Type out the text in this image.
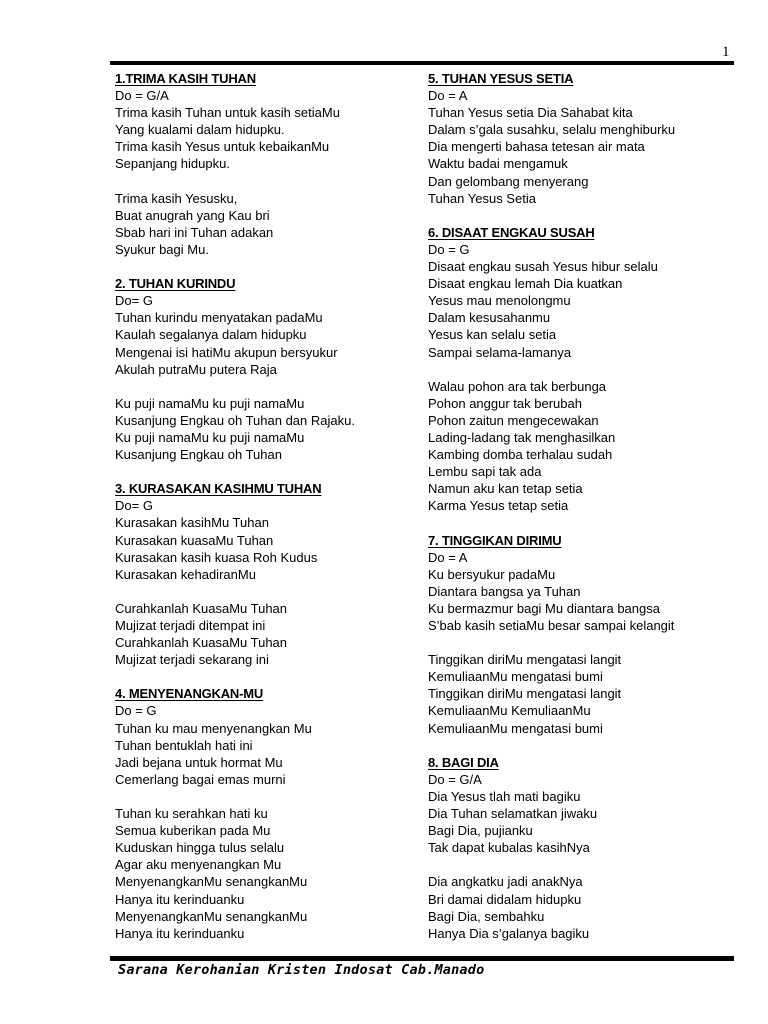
1
1.TRIMA KASIH TUHAN
Do = G/A
Trima kasih Tuhan untuk kasih setiaMu
Yang kualami dalam hidupku.
Trima kasih Yesus untuk kebaikanMu
Sepanjang hidupku.
Trima kasih Yesusku,
Buat anugrah yang Kau bri
Sbab hari ini Tuhan adakan
Syukur bagi Mu.
2. TUHAN KURINDU
Do= G
Tuhan kurindu menyatakan padaMu
Kaulah segalanya dalam hidupku
Mengenai isi hatiMu akupun bersyukur
Akulah putraMu putera Raja
Ku puji namaMu ku puji namaMu
Kusanjung Engkau oh Tuhan dan Rajaku.
Ku puji namaMu ku puji namaMu
Kusanjung Engkau oh Tuhan
3. KURASAKAN KASIHMU TUHAN
Do= G
Kurasakan kasihMu Tuhan
Kurasakan kuasaMu Tuhan
Kurasakan kasih kuasa Roh Kudus
Kurasakan kehadiranMu
Curahkanlah KuasaMu Tuhan
Mujizat terjadi ditempat ini
Curahkanlah KuasaMu Tuhan
Mujizat terjadi sekarang ini
4. MENYENANGKAN-MU
Do = G
Tuhan ku mau menyenangkan Mu
Tuhan bentuklah hati ini
Jadi bejana untuk hormat Mu
Cemerlang bagai emas murni
Tuhan ku serahkan hati ku
Semua kuberikan pada Mu
Kuduskan hingga tulus selalu
Agar aku menyenangkan Mu
MenyenangkanMu senangkanMu
Hanya itu kerinduanku
MenyenangkanMu senangkanMu
Hanya itu kerinduanku
5. TUHAN YESUS SETIA
Do = A
Tuhan Yesus setia Dia Sahabat kita
Dalam s’gala susahku, selalu menghiburku
Dia mengerti bahasa tetesan air mata
Waktu badai mengamuk
Dan gelombang menyerang
Tuhan Yesus Setia
6. DISAAT ENGKAU SUSAH
Do = G
Disaat engkau susah Yesus hibur selalu
Disaat engkau lemah Dia kuatkan
Yesus mau menolongmu
Dalam kesusahanmu
Yesus kan selalu setia
Sampai selama-lamanya
Walau pohon ara tak berbunga
Pohon anggur tak berubah
Pohon zaitun mengecewakan
Lading-ladang tak menghasilkan
Kambing domba terhalau sudah
Lembu sapi tak ada
Namun aku kan tetap setia
Karma Yesus tetap setia
7. TINGGIKAN DIRIMU
Do = A
Ku bersyukur padaMu
Diantara bangsa ya Tuhan
Ku bermazmur bagi Mu diantara bangsa
S’bab kasih setiaMu besar sampai kelangit
Tinggikan diriMu mengatasi langit
KemuliaanMu mengatasi bumi
Tinggikan diriMu mengatasi langit
KemuliaanMu KemuliaanMu
KemuliaanMu mengatasi bumi
8. BAGI DIA
Do = G/A
Dia Yesus tlah mati bagiku
Dia Tuhan selamatkan jiwaku
Bagi Dia, pujianku
Tak dapat kubalas kasihNya
Dia angkatku jadi anakNya
Bri damai didalam hidupku
Bagi Dia, sembahku
Hanya Dia s’galanya bagiku
Sarana Kerohanian Kristen Indosat Cab.Manado
